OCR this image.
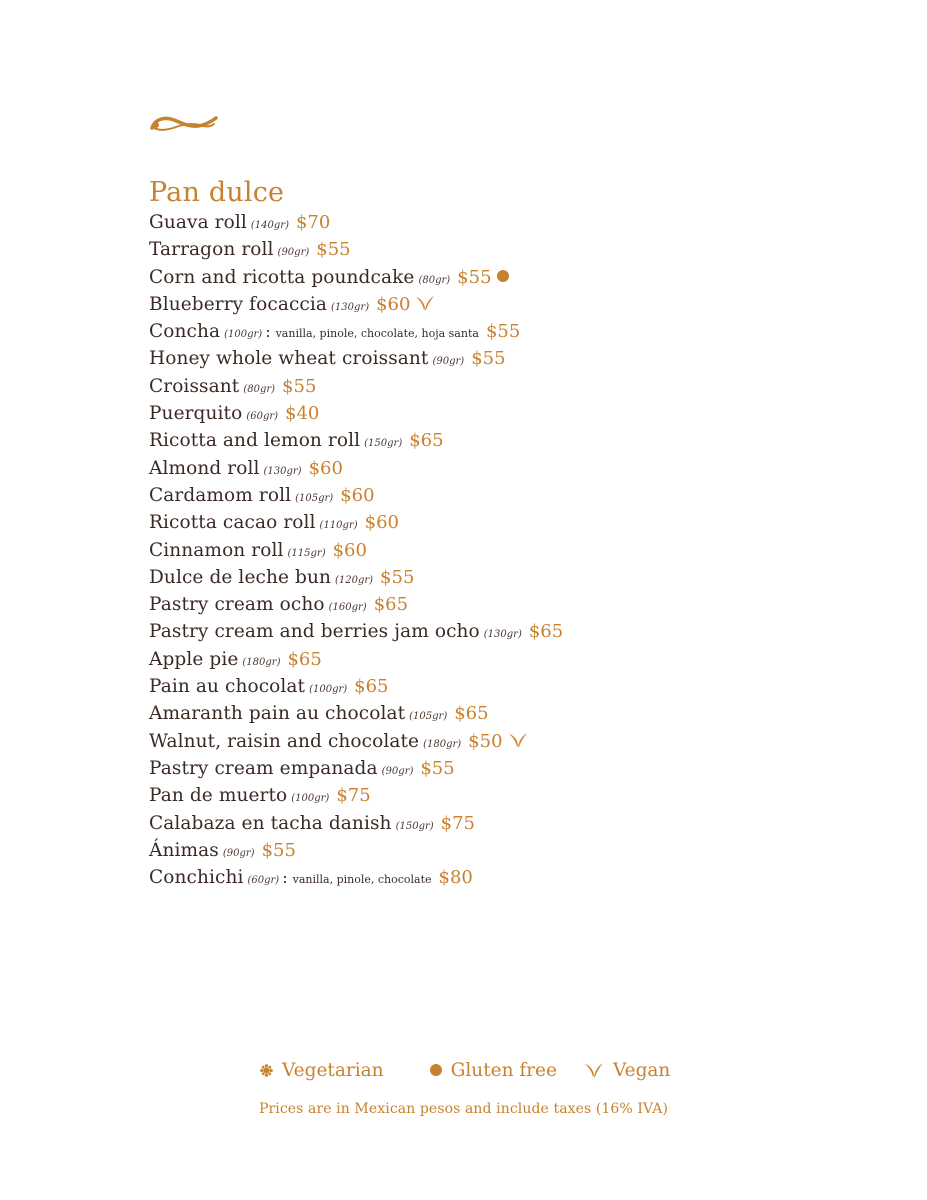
Pan dulce
Guava roll (140gr) $70
Tarragon roll (90gr) $55
Corn and ricotta poundcake (80gr) $55
Blueberry focaccia (130gr) $60
Concha (100gr) : vanilla, pinole, chocolate, hoja santa $55
Honey whole wheat croissant (90gr) $55
Croissant (80gr) $55
Puerquito (60gr) $40
Ricotta and lemon roll (150gr) $65
Almond roll (130gr) $60
Cardamom roll (105gr) $60
Ricotta cacao roll (110gr) $60
Cinnamon roll (115gr) $60
Dulce de leche bun (120gr) $55
Pastry cream ocho (160gr) $65
Pastry cream and berries jam ocho (130gr) $65
Apple pie (180gr) $65
Pain au chocolat (100gr) $65
Amaranth pain au chocolat (105gr) $65
Walnut, raisin and chocolate (180gr) $50
Pastry cream empanada (90gr) $55
Pan de muerto (100gr) $75
Calabaza en tacha danish (150gr) $75
Ánimas (90gr) $55
Conchichi (60gr) : vanilla, pinole, chocolate $80
Vegetarian	Gluten free	Vegan
Prices are in Mexican pesos and include taxes (16% IVA)
